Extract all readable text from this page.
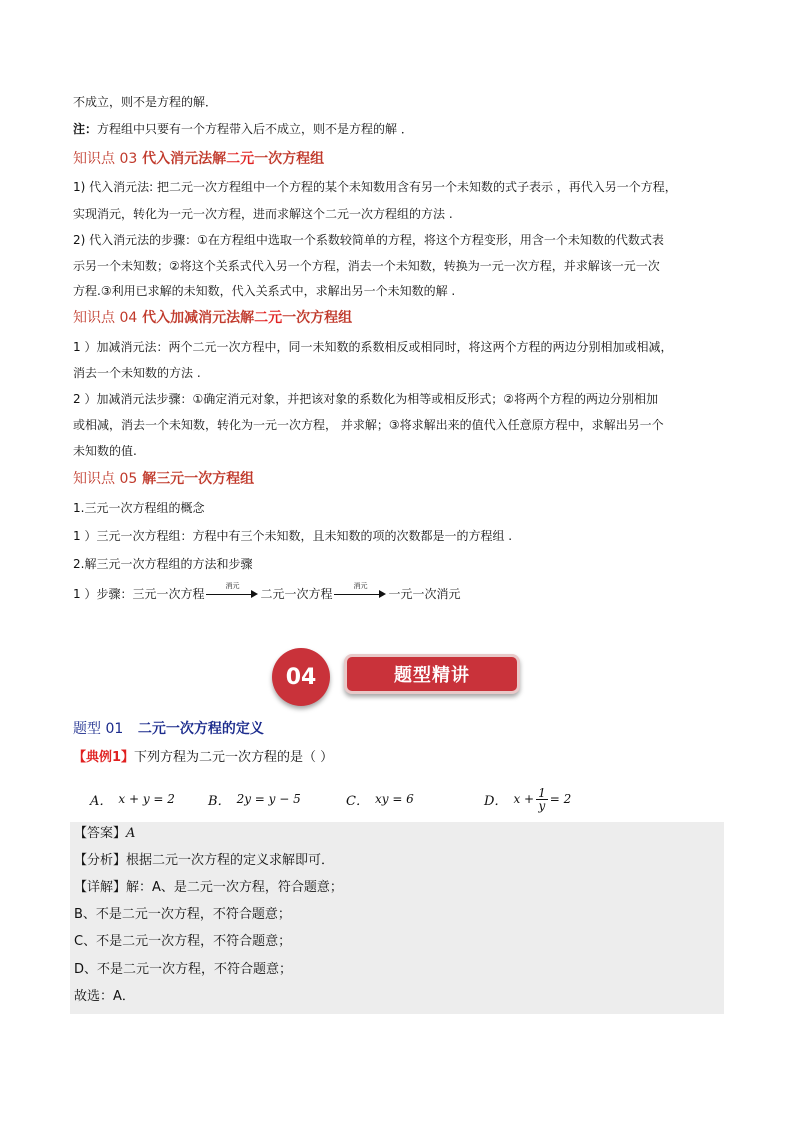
不成立，则不是方程的解．
注：方程组中只要有一个方程带入后不成立，则不是方程的解 ．
知识点 03 代入消元法解二元一次方程组
1) 代入消元法: 把二元一次方程组中一个方程的某个未知数用含有另一个未知数的式子表示 ，再代入另一个方程，
实现消元，转化为一元一次方程，进而求解这个二元一次方程组的方法 .
2) 代入消元法的步骤：①在方程组中选取一个系数较简单的方程，将这个方程变形，用含一个未知数的代数式表
示另一个未知数；②将这个关系式代入另一个方程，消去一个未知数，转换为一元一次方程，并求解该一元一次
方程.③利用已求解的未知数，代入关系式中，求解出另一个未知数的解 .
知识点 04 代入加减消元法解二元一次方程组
1 ）加减消元法：两个二元一次方程中，同一未知数的系数相反或相同时，将这两个方程的两边分别相加或相减，
消去一个未知数的方法 .
2 ）加减消元法步骤：①确定消元对象，并把该对象的系数化为相等或相反形式；②将两个方程的两边分别相加
或相减，消去一个未知数，转化为一元一次方程， 并求解；③将求解出来的值代入任意原方程中，求解出另一个
未知数的值.
知识点 05 解三元一次方程组
1.三元一次方程组的概念
1 ）三元一次方程组：方程中有三个未知数，且未知数的项的次数都是一的方程组 .
2.解三元一次方程组的方法和步骤
1 ）步骤：三元一次方程
消元
二元一次方程
消元
一元一次消元
04	题型精讲
题型 01 二元一次方程的定义
【典例1】下列方程为二元一次方程的是（ ）
A． x + y = 2	B． 2y = y − 5	C． xy = 6	D． $x + \frac{1}{y} = 2$
【答案】A
【分析】根据二元一次方程的定义求解即可．
【详解】解：A、是二元一次方程，符合题意；
B、不是二元一次方程，不符合题意；
C、不是二元一次方程，不符合题意；
D、不是二元一次方程，不符合题意；
故选：A．
